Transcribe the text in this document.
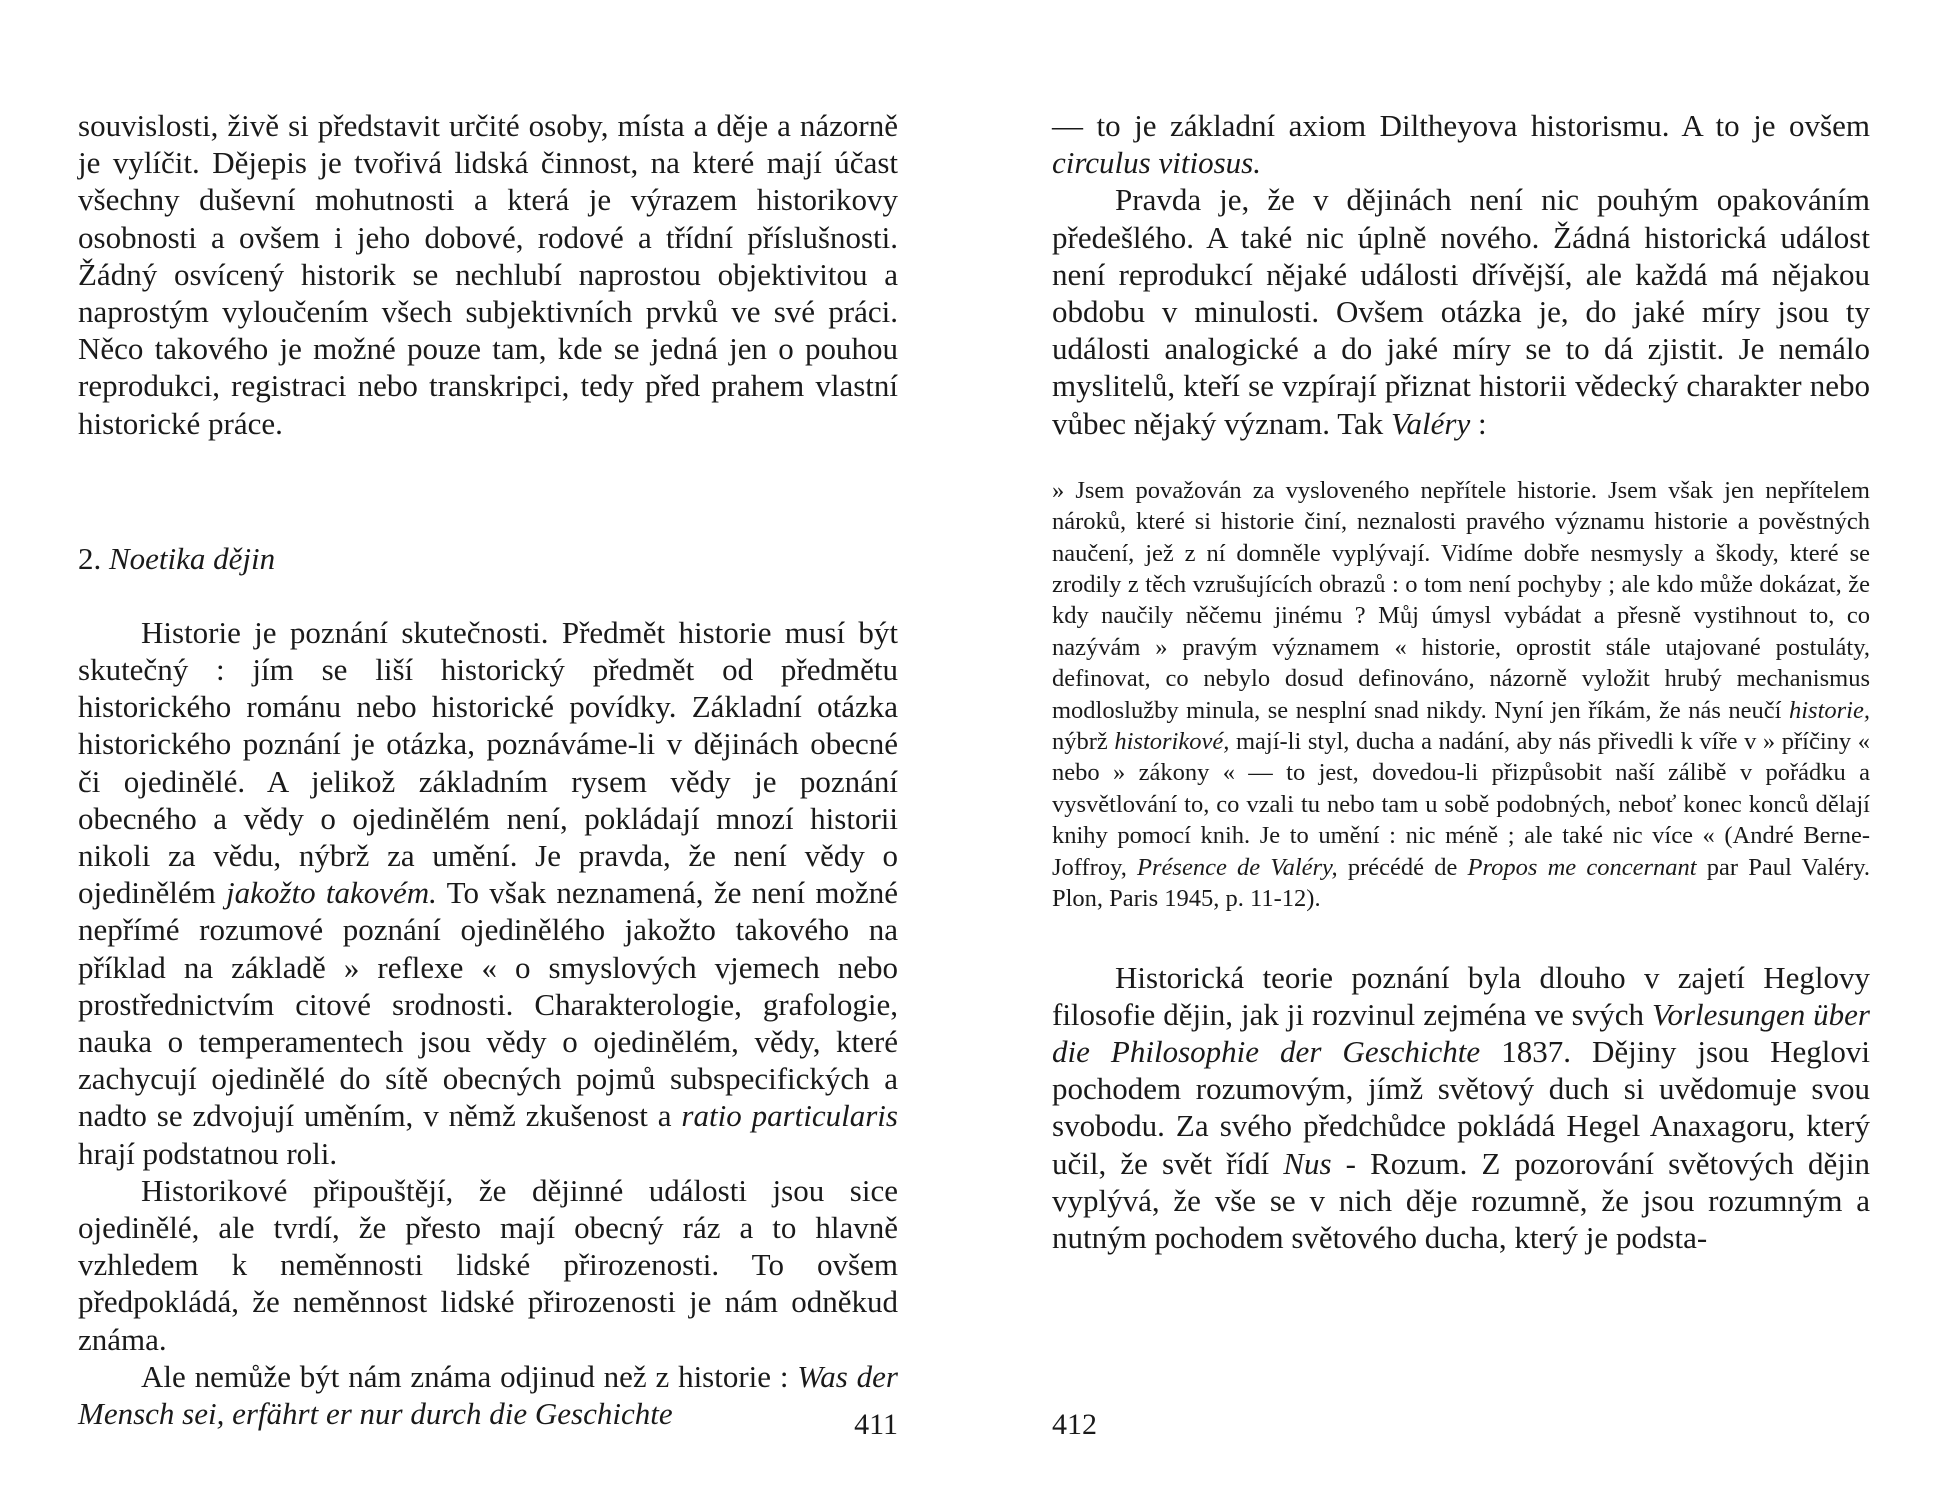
souvislosti, živě si představit určité osoby, místa a děje a názorně je vylíčit. Dějepis je tvořivá lidská činnost, na které mají účast všechny duševní mohutnosti a která je výrazem historikovy osobnosti a ovšem i jeho dobové, rodové a třídní příslušnosti. Žádný osvícený historik se nechlubí naprostou objektivitou a naprostým vyloučením všech subjektivních prvků ve své práci. Něco takového je možné pouze tam, kde se jedná jen o pouhou reprodukci, registraci nebo transkripci, tedy před prahem vlastní historické práce.

2. Noetika dějin

Historie je poznání skutečnosti. Předmět historie musí být skutečný : jím se liší historický předmět od předmětu historického románu nebo historické povídky. Základní otázka historického poznání je otázka, poznáváme-li v dějinách obecné či ojedinělé. A jelikož základním rysem vědy je poznání obecného a vědy o ojedinělém není, pokládají mnozí historii nikoli za vědu, nýbrž za umění. Je pravda, že není vědy o ojedinělém jakožto takovém. To však neznamená, že není možné nepřímé rozumové poznání ojedinělého jakožto takového na příklad na základě » reflexe « o smyslových vjemech nebo prostřednictvím citové srodnosti. Charakterologie, grafologie, nauka o temperamentech jsou vědy o ojedinělém, vědy, které zachycují ojedinělé do sítě obecných pojmů subspecifických a nadto se zdvojují uměním, v němž zkušenost a ratio particularis hrají podstatnou roli.

Historikové připouštějí, že dějinné události jsou sice ojedinělé, ale tvrdí, že přesto mají obecný ráz a to hlavně vzhledem k neměnnosti lidské přirozenosti. To ovšem předpokládá, že neměnnost lidské přirozenosti je nám odněkud známa.

Ale nemůže být nám známa odjinud než z historie : Was der Mensch sei, erfährt er nur durch die Geschichte	411

— to je základní axiom Diltheyova historismu. A to je ovšem circulus vitiosus.

Pravda je, že v dějinách není nic pouhým opakováním předešlého. A také nic úplně nového. Žádná historická událost není reprodukcí nějaké události dřívější, ale každá má nějakou obdobu v minulosti. Ovšem otázka je, do jaké míry jsou ty události analogické a do jaké míry se to dá zjistit. Je nemálo myslitelů, kteří se vzpírají přiznat historii vědecký charakter nebo vůbec nějaký význam. Tak Valéry :

» Jsem považován za vysloveného nepřítele historie. Jsem však jen nepřítelem nároků, které si historie činí, neznalosti pravého významu historie a pověstných naučení, jež z ní domněle vyplývají. Vidíme dobře nesmysly a škody, které se zrodily z těch vzrušujících obrazů : o tom není pochyby ; ale kdo může dokázat, že kdy naučily něčemu jinému ? Můj úmysl vybádat a přesně vystihnout to, co nazývám » pravým významem « historie, oprostit stále utajované postuláty, definovat, co nebylo dosud definováno, názorně vyložit hrubý mechanismus modloslužby minula, se nesplní snad nikdy. Nyní jen říkám, že nás neučí historie, nýbrž historikové, mají-li styl, ducha a nadání, aby nás přivedli k víře v » příčiny « nebo » zákony « — to jest, dovedou-li přizpůsobit naší zálibě v pořádku a vysvětlování to, co vzali tu nebo tam u sobě podobných, neboť konec konců dělají knihy pomocí knih. Je to umění : nic méně ; ale také nic více « (André Berne-Joffroy, Présence de Valéry, précédé de Propos me concernant par Paul Valéry. Plon, Paris 1945, p. 11-12).

Historická teorie poznání byla dlouho v zajetí Heglovy filosofie dějin, jak ji rozvinul zejména ve svých Vorlesungen über die Philosophie der Geschichte 1837. Dějiny jsou Heglovi pochodem rozumovým, jímž světový duch si uvědomuje svou svobodu. Za svého předchůdce pokládá Hegel Anaxagoru, který učil, že svět řídí Nus - Rozum. Z pozorování světových dějin vyplývá, že vše se v nich děje rozumně, že jsou rozumným a nutným pochodem světového ducha, který je podsta-

412
